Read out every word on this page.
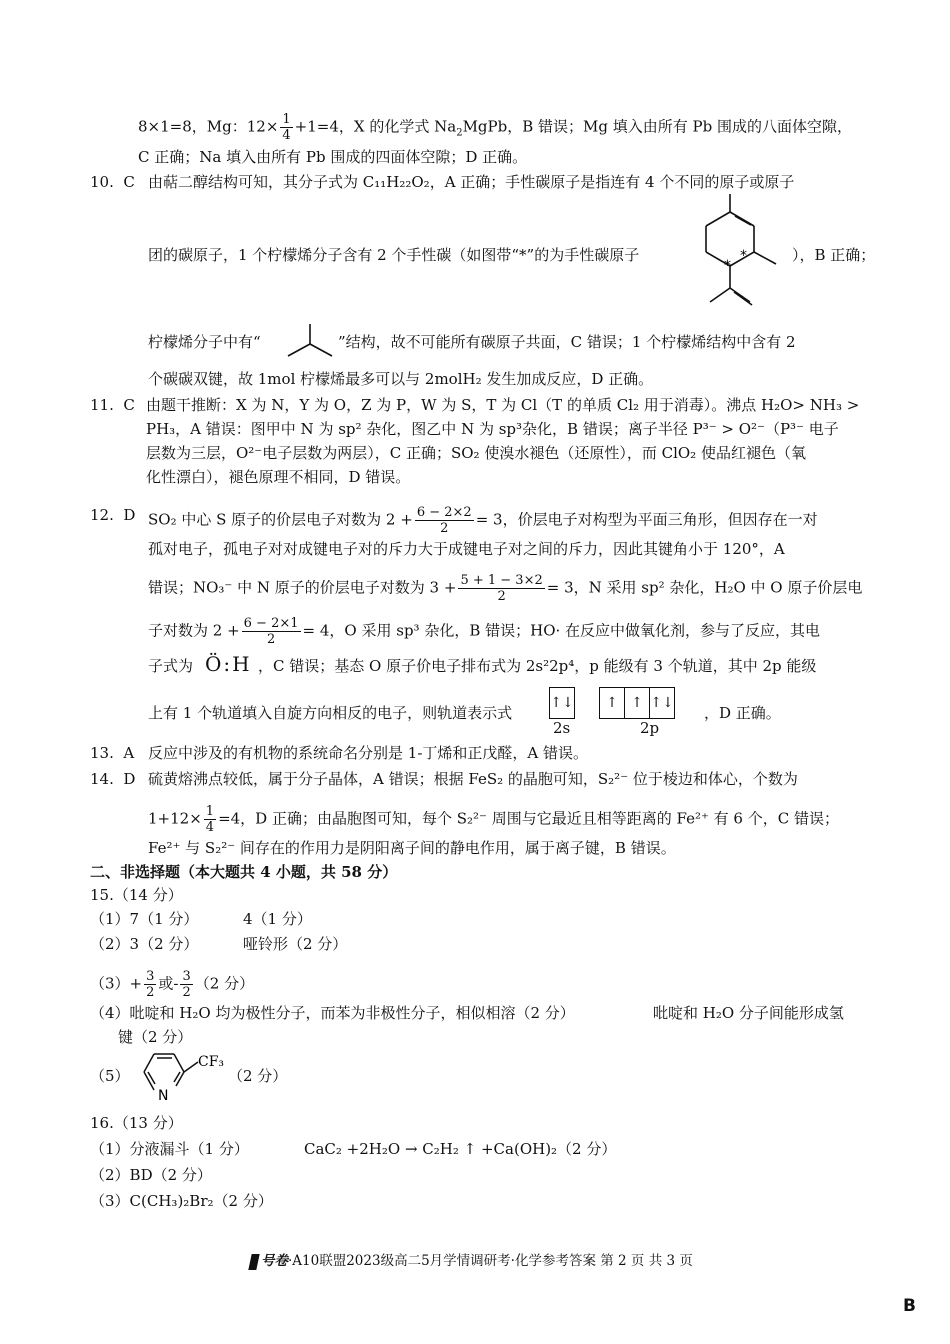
8×1=8，Mg：$12\times \frac{1}{4} +1=4$，X 的化学式 $Na_2MgPb$，B 错误；Mg 填入由所有 Pb 围成的八面体空隙，
C 正确；Na 填入由所有 Pb 围成的四面体空隙；D 正确。
10. C 由萜二醇结构可知，其分子式为 C₁₁H₂₂O₂，A 正确；手性碳原子是指连有 4 个不同的原子或原子
团的碳原子，1 个柠檬烯分子含有 2 个手性碳（如图带“*”的为手性碳原子	*
*
），B 正确；
柠檬烯分子中有“	”结构，故不可能所有碳原子共面，C 错误；1 个柠檬烯结构中含有 2
个碳碳双键，故 1mol 柠檬烯最多可以与 2molH₂ 发生加成反应，D 正确。
11. C 由题干推断：X 为 N，Y 为 O，Z 为 P，W 为 S，T 为 Cl（T 的单质 Cl₂ 用于消毒）。沸点 H₂O> NH₃ >
PH₃，A 错误：图甲中 N 为 sp² 杂化，图乙中 N 为 sp³杂化，B 错误；离子半径 P³⁻ > O²⁻（P³⁻ 电子
层数为三层，O²⁻电子层数为两层），C 正确；SO₂ 使溴水褪色（还原性），而 ClO₂ 使品红褪色（氧
化性漂白），褪色原理不相同，D 错误。
12. D SO₂ 中心 S 原子的价层电子对数为 $2 + \frac{6 - 2\times 2}{2} = 3$，价层电子对构型为平面三角形，但因存在一对
孤对电子，孤电子对对成键电子对的斥力大于成键电子对之间的斥力，因此其键角小于 120°，A
错误；NO₃⁻ 中 N 原子的价层电子对数为 $3 + \frac{5 + 1 - 3\times 2}{2} = 3$，N 采用 sp² 杂化，H₂O 中 O 原子价层电
子对数为 $2 + \frac{6 - 2\times 1}{2} = 4$，O 采用 sp³ 杂化，B 错误；HO· 在反应中做氧化剂，参与了反应，其电
子式为 Ö:H ，C 错误；基态 O 原子价电子排布式为 2s²2p⁴，p 能级有 3 个轨道，其中 2p 能级
上有 1 个轨道填入自旋方向相反的电子，则轨道表示式
↑↓	↑ ↑ ↑↓
2s	2p
，D 正确。
13. A 反应中涉及的有机物的系统命名分别是 1-丁烯和正戊醛，A 错误。
14. D 硫黄熔沸点较低，属于分子晶体，A 错误；根据 FeS₂ 的晶胞可知，S₂²⁻ 位于棱边和体心，个数为
$1+12\times \frac{1}{4} =4$，D 正确；由晶胞图可知，每个 S₂²⁻ 周围与它最近且相等距离的 Fe²⁺ 有 6 个，C 错误；
Fe²⁺ 与 S₂²⁻ 间存在的作用力是阴阳离子间的静电作用，属于离子键，B 错误。
二、非选择题（本大题共 4 小题，共 58 分）
15.（14 分）
（1）7（1 分）	4（1 分）
（2）3（2 分）	哑铃形（2 分）
$(3)+ \frac{3}{2}$ 或- $\frac{3}{2} (2$ 分）
（4）吡啶和 H₂O 均为极性分子，而苯为非极性分子，相似相溶（2 分）	吡啶和 H₂O 分子间能形成氢
键（2 分）
（5）
N
CF₃
（2 分）
16.（13 分）
（1）分液漏斗（1 分）	CaC₂ +2H₂O → C₂H₂ ↑ +Ca(OH)₂（2 分）
（2）BD（2 分）
（3）C(CH₃)₂Br₂（2 分）
号卷·A10联盟2023级高二5月学情调研考·化学参考答案 第 2 页 共 3 页
B
